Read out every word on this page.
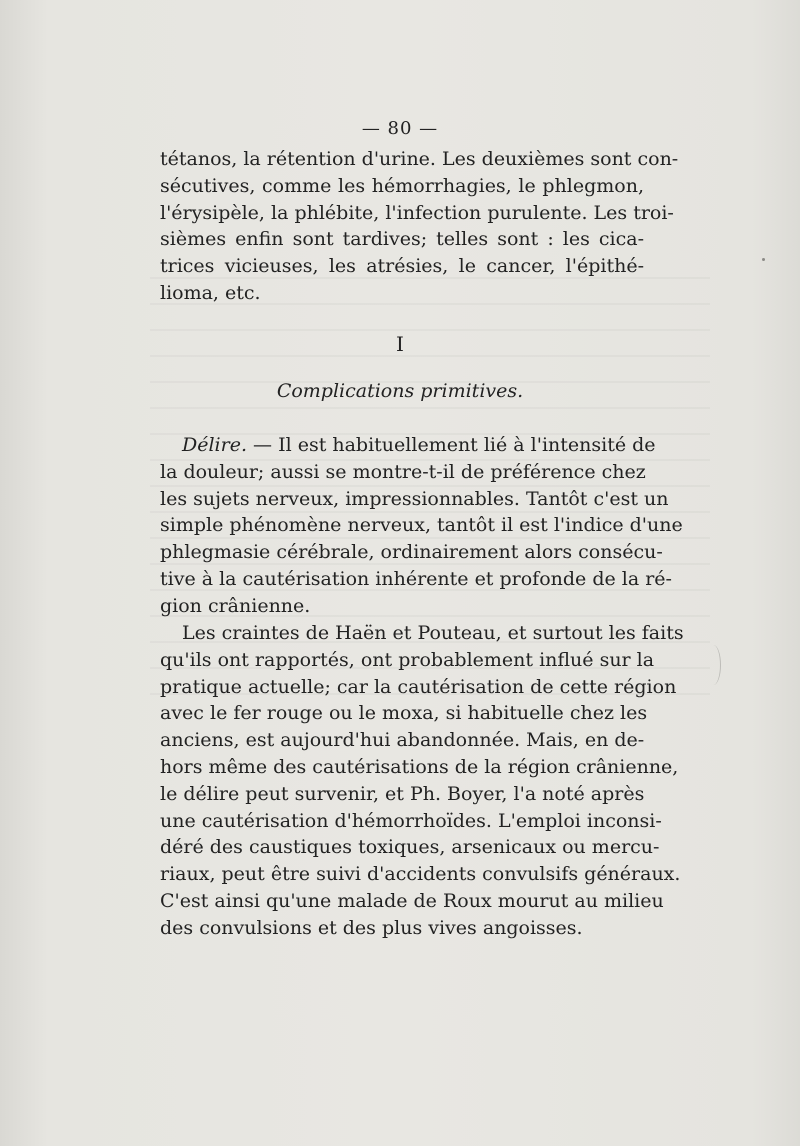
— 80 —
tétanos, la rétention d'urine. Les deuxièmes sont con-
sécutives, comme les hémorrhagies, le phlegmon,
l'érysipèle, la phlébite, l'infection purulente. Les troi-
sièmes enfin sont tardives; telles sont : les cica-
trices vicieuses, les atrésies, le cancer, l'épithé-
lioma, etc.
I
Complications primitives.
Délire. — Il est habituellement lié à l'intensité de
la douleur; aussi se montre-t-il de préférence chez
les sujets nerveux, impressionnables. Tantôt c'est un
simple phénomène nerveux, tantôt il est l'indice d'une
phlegmasie cérébrale, ordinairement alors consécu-
tive à la cautérisation inhérente et profonde de la ré-
gion crânienne.
Les craintes de Haën et Pouteau, et surtout les faits
qu'ils ont rapportés, ont probablement influé sur la
pratique actuelle; car la cautérisation de cette région
avec le fer rouge ou le moxa, si habituelle chez les
anciens, est aujourd'hui abandonnée. Mais, en de-
hors même des cautérisations de la région crânienne,
le délire peut survenir, et Ph. Boyer, l'a noté après
une cautérisation d'hémorrhoïdes. L'emploi inconsi-
déré des caustiques toxiques, arsenicaux ou mercu-
riaux, peut être suivi d'accidents convulsifs généraux.
C'est ainsi qu'une malade de Roux mourut au milieu
des convulsions et des plus vives angoisses.
